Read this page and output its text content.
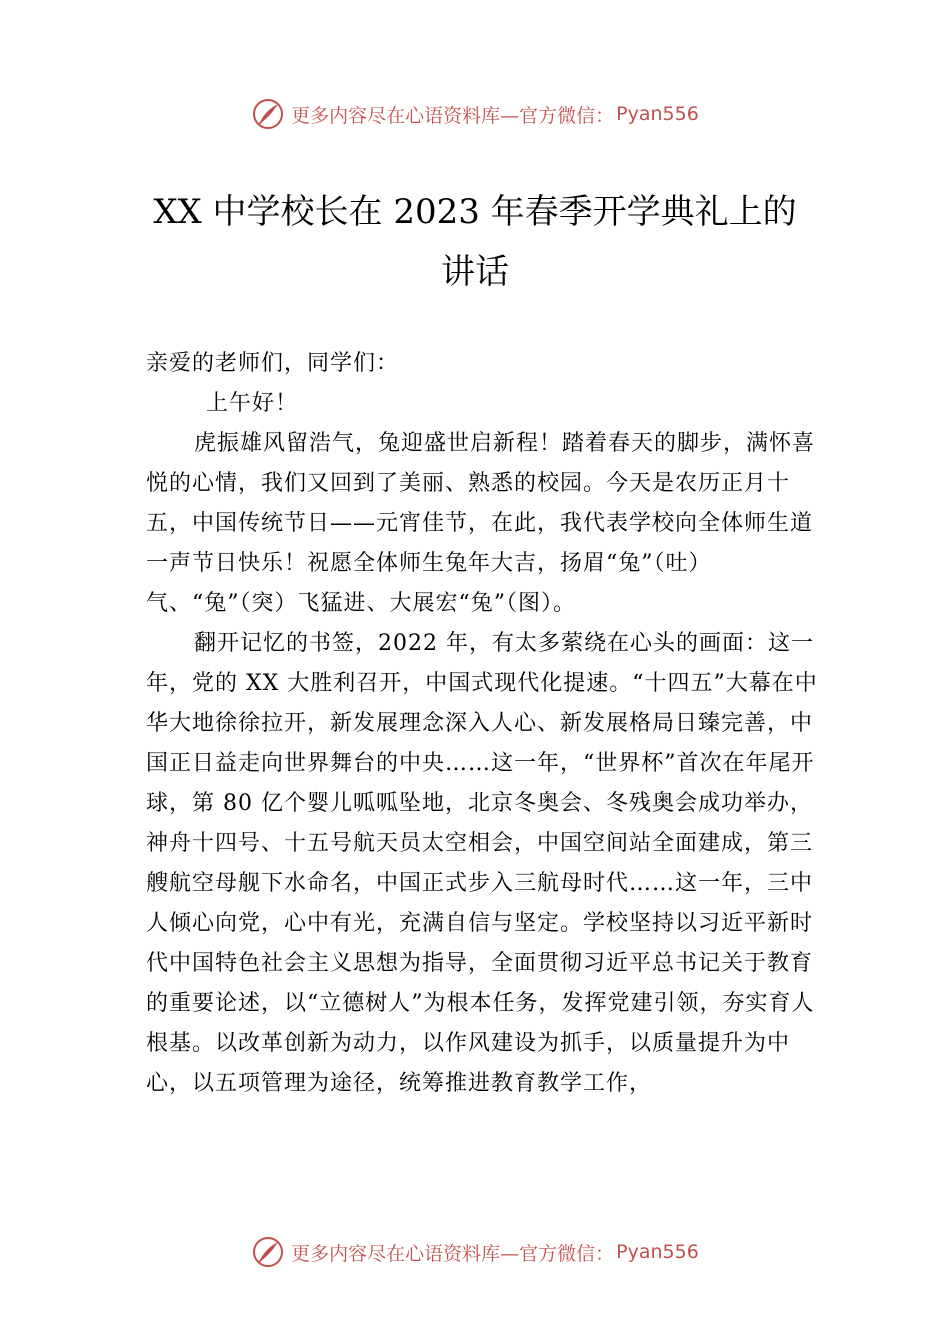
更多内容尽在心语资料库—官方微信： Pyan556
XX 中学校长在 2023 年春季开学典礼上的
讲话

亲爱的老师们，同学们：

上午好！

虎振雄风留浩气，兔迎盛世启新程！踏着春天的脚步，满怀喜悦的心情，我们又回到了美丽、熟悉的校园。今天是农历正月十五，中国传统节日——元宵佳节，在此，我代表学校向全体师生道一声节日快乐！祝愿全体师生兔年大吉，扬眉“兔”（吐）气、“兔”（突）飞猛进、大展宏“兔”（图）。

翻开记忆的书签，2022 年，有太多萦绕在心头的画面：这一年，党的 XX 大胜利召开，中国式现代化提速。“十四五”大幕在中华大地徐徐拉开，新发展理念深入人心、新发展格局日臻完善，中国正日益走向世界舞台的中央……这一年，“世界杯”首次在年尾开球，第 80 亿个婴儿呱呱坠地，北京冬奥会、冬残奥会成功举办，神舟十四号、十五号航天员太空相会，中国空间站全面建成，第三艘航空母舰下水命名，中国正式步入三航母时代……这一年，三中人倾心向党，心中有光，充满自信与坚定。学校坚持以习近平新时代中国特色社会主义思想为指导，全面贯彻习近平总书记关于教育的重要论述，以“立德树人”为根本任务，发挥党建引领，夯实育人根基。以改革创新为动力，以作风建设为抓手，以质量提升为中心，以五项管理为途径，统筹推进教育教学工作，

更多内容尽在心语资料库—官方微信： Pyan556
